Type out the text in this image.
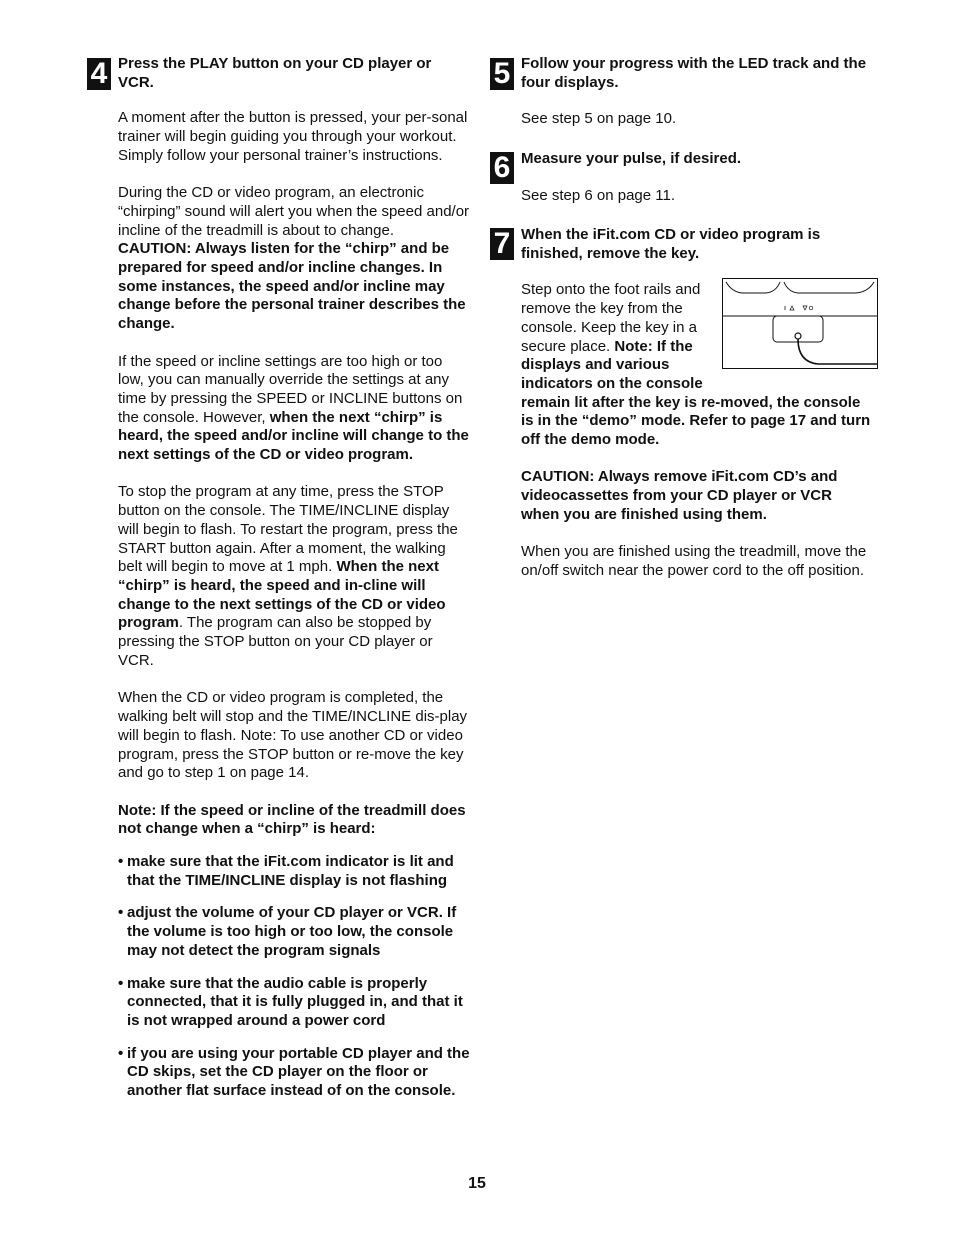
4 Press the PLAY button on your CD player or VCR.

A moment after the button is pressed, your per-sonal trainer will begin guiding you through your workout. Simply follow your personal trainer’s instructions.

During the CD or video program, an electronic “chirping” sound will alert you when the speed and/or incline of the treadmill is about to change. CAUTION: Always listen for the “chirp” and be prepared for speed and/or incline changes. In some instances, the speed and/or incline may change before the personal trainer describes the change.

If the speed or incline settings are too high or too low, you can manually override the settings at any time by pressing the SPEED or INCLINE buttons on the console. However, when the next “chirp” is heard, the speed and/or incline will change to the next settings of the CD or video program.

To stop the program at any time, press the STOP button on the console. The TIME/INCLINE display will begin to flash. To restart the program, press the START button again. After a moment, the walking belt will begin to move at 1 mph. When the next “chirp” is heard, the speed and in-cline will change to the next settings of the CD or video program. The program can also be stopped by pressing the STOP button on your CD player or VCR.

When the CD or video program is completed, the walking belt will stop and the TIME/INCLINE dis-play will begin to flash. Note: To use another CD or video program, press the STOP button or re-move the key and go to step 1 on page 14.

Note: If the speed or incline of the treadmill does not change when a “chirp” is heard:

• make sure that the iFit.com indicator is lit and that the TIME/INCLINE display is not flashing
• adjust the volume of your CD player or VCR. If the volume is too high or too low, the console may not detect the program signals
• make sure that the audio cable is properly connected, that it is fully plugged in, and that it is not wrapped around a power cord
• if you are using your portable CD player and the CD skips, set the CD player on the floor or another flat surface instead of on the console.
5 Follow your progress with the LED track and the four displays.

See step 5 on page 10.

6 Measure your pulse, if desired.

See step 6 on page 11.

7 When the iFit.com CD or video program is finished, remove the key.

Step onto the foot rails and remove the key from the console. Keep the key in a secure place. Note: If the displays and various indicators on the console remain lit after the key is re-moved, the console is in the “demo” mode. Refer to page 17 and turn off the demo mode.

CAUTION: Always remove iFit.com CD’s and videocassettes from your CD player or VCR when you are finished using them.

When you are finished using the treadmill, move the on/off switch near the power cord to the off position.

15
